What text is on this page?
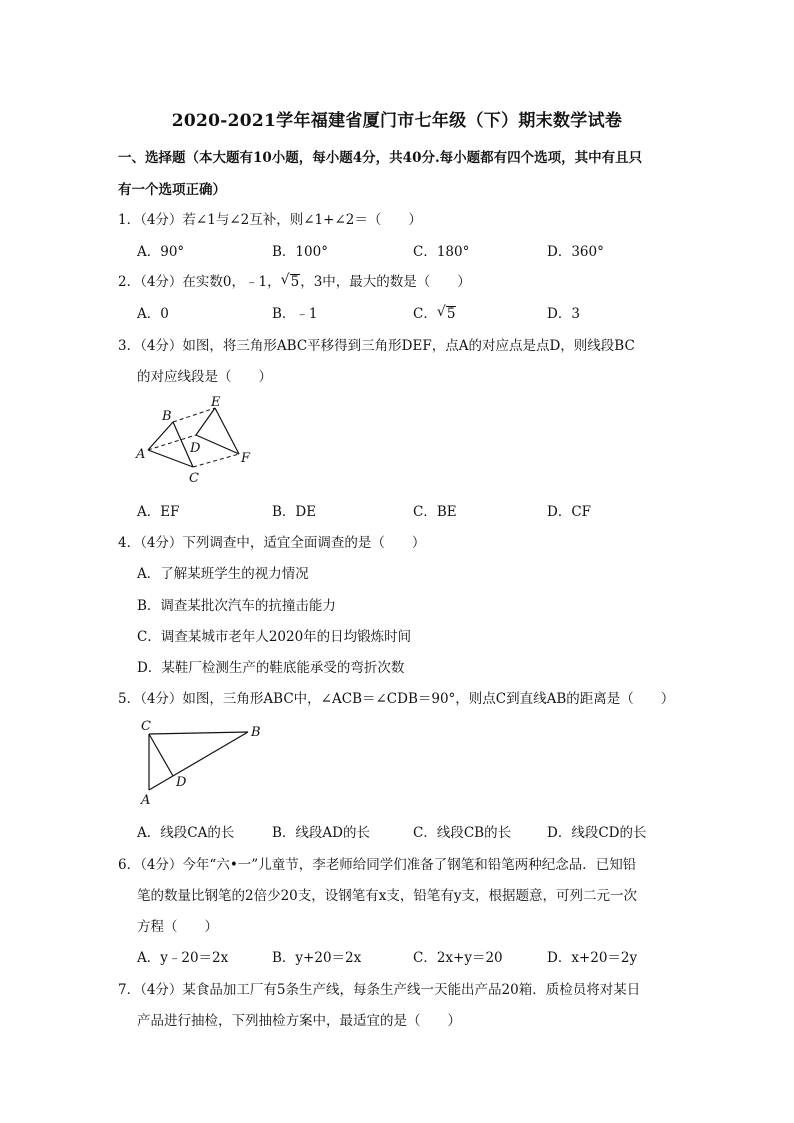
2020-2021学年福建省厦门市七年级（下）期末数学试卷
一、选择题（本大题有10小题，每小题4分，共40分.每小题都有四个选项，其中有且只
有一个选项正确）
1．（4分）若∠1与∠2互补，则∠1+∠2＝（　　）
A．90°	B．100°	C．180°	D．360°
2．（4分）在实数0，﹣1， √ 5，3中，最大的数是（　　）
A．0	B．﹣1	C． √ 5	D．3
3．（4分）如图，将三角形ABC平移得到三角形DEF，点A的对应点是点D，则线段BC
的对应线段是（　　）
B
E
A	D
F
C
A．EF	B．DE	C．BE	D．CF
4．（4分）下列调查中，适宜全面调查的是（　　）
A．了解某班学生的视力情况
B．调查某批次汽车的抗撞击能力
C．调查某城市老年人2020年的日均锻炼时间
D．某鞋厂检测生产的鞋底能承受的弯折次数
5．（4分）如图，三角形ABC中，∠ACB＝∠CDB＝90°，则点C到直线AB的距离是（　　）
C	B
D
A
A．线段CA的长	B．线段AD的长	C．线段CB的长	D．线段CD的长
6．（4分）今年“六•一”儿童节，李老师给同学们准备了钢笔和铅笔两种纪念品．已知铅
笔的数量比钢笔的2倍少20支，设钢笔有x支，铅笔有y支，根据题意，可列二元一次
方程（　　）
A．y﹣20＝2x	B．y+20＝2x	C．2x+y＝20	D．x+20＝2y
7．（4分）某食品加工厂有5条生产线，每条生产线一天能出产品20箱．质检员将对某日
产品进行抽检，下列抽检方案中，最适宜的是（　　）
